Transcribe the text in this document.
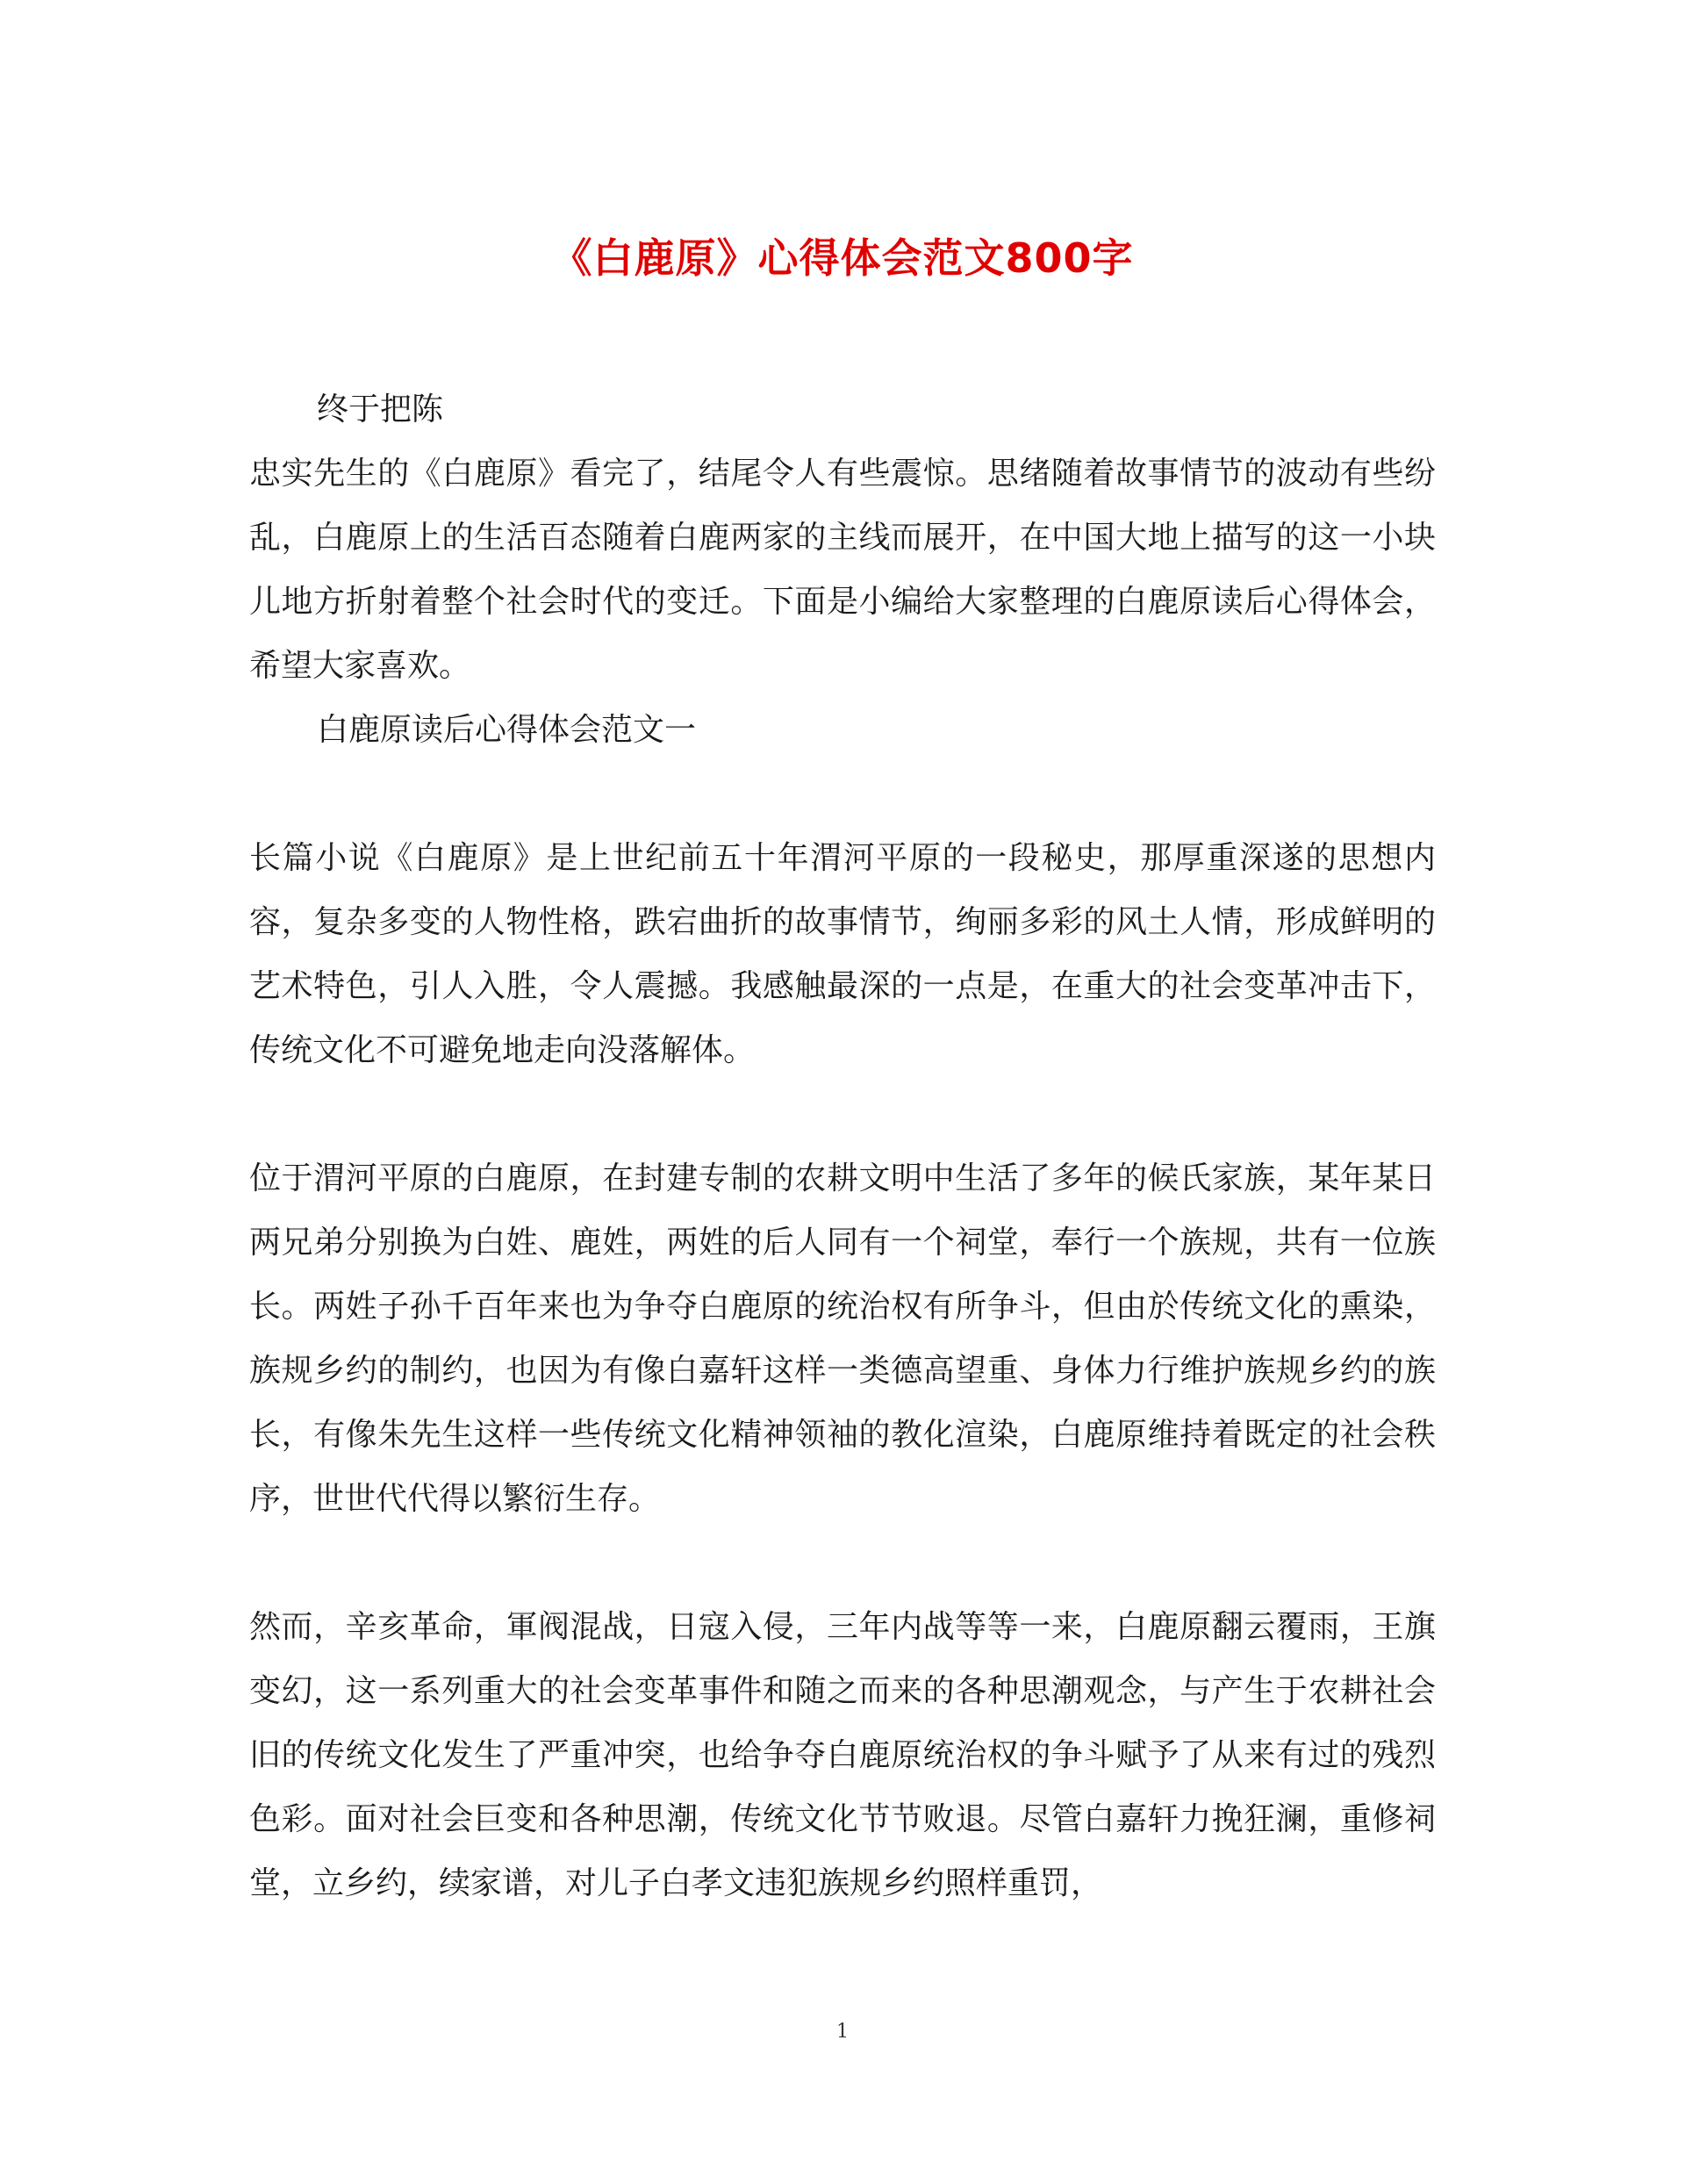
《白鹿原》心得体会范文800字

终于把陈

忠实先生的《白鹿原》看完了，结尾令人有些震惊。思绪随着故事情节的波动有些纷乱，白鹿原上的生活百态随着白鹿两家的主线而展开，在中国大地上描写的这一小块儿地方折射着整个社会时代的变迁。下面是小编给大家整理的白鹿原读后心得体会，希望大家喜欢。

白鹿原读后心得体会范文一

长篇小说《白鹿原》是上世纪前五十年渭河平原的一段秘史，那厚重深遂的思想内容，复杂多变的人物性格，跌宕曲折的故事情节，绚丽多彩的风土人情，形成鲜明的艺术特色，引人入胜，令人震撼。我感触最深的一点是，在重大的社会变革冲击下，传统文化不可避免地走向没落解体。

位于渭河平原的白鹿原，在封建专制的农耕文明中生活了多年的候氏家族，某年某日两兄弟分别换为白姓、鹿姓，两姓的后人同有一个祠堂，奉行一个族规，共有一位族长。两姓子孙千百年来也为争夺白鹿原的统治权有所争斗，但由於传统文化的熏染，族规乡约的制约，也因为有像白嘉轩这样一类德高望重、身体力行维护族规乡约的族长，有像朱先生这样一些传统文化精神领袖的教化渲染，白鹿原维持着既定的社会秩序，世世代代得以繁衍生存。

然而，辛亥革命，軍阀混战，日寇入侵，三年内战等等一来，白鹿原翻云覆雨，王旗变幻，这一系列重大的社会变革事件和随之而来的各种思潮观念，与产生于农耕社会旧的传统文化发生了严重冲突，也给争夺白鹿原统治权的争斗赋予了从来有过的残烈色彩。面对社会巨变和各种思潮，传统文化节节败退。尽管白嘉轩力挽狂澜，重修祠堂，立乡约，续家谱，对儿子白孝文违犯族规乡约照样重罚，

1
